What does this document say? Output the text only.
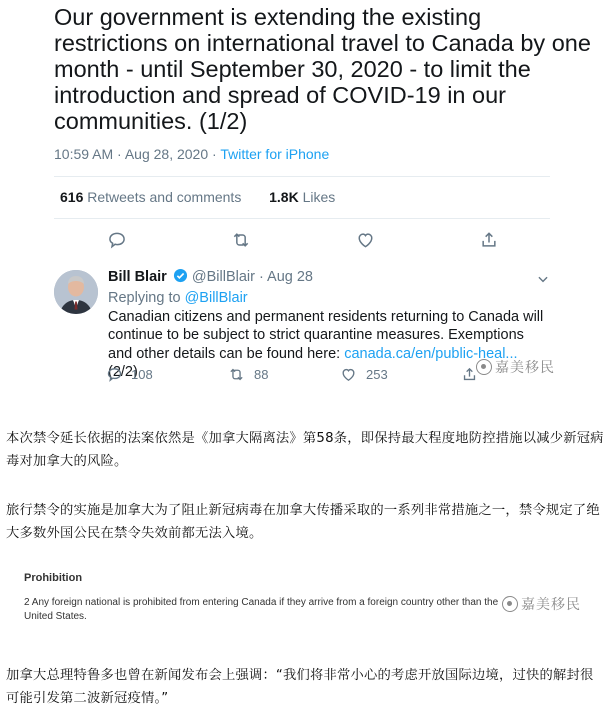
Our government is extending the existing restrictions on international travel to Canada by one month - until September 30, 2020 - to limit the introduction and spread of COVID-19 in our communities. (1/2)
10:59 AM · Aug 28, 2020 · Twitter for iPhone
616 Retweets and comments 1.8K Likes
Bill Blair  @BillBlair · Aug 28
Replying to @BillBlair
Canadian citizens and permanent residents returning to Canada will continue to be subject to strict quarantine measures. Exemptions and other details can be found here: canada.ca/en/public-heal... (2/2)
108	88	253	嘉美移民
本次禁令延长依据的法案依然是《加拿大隔离法》第58条，即保持最大程度地防控措施以减少新冠病毒对加拿大的风险。
旅行禁令的实施是加拿大为了阻止新冠病毒在加拿大传播采取的一系列非常措施之一，禁令规定了绝大多数外国公民在禁令失效前都无法入境。
Prohibition
2 Any foreign national is prohibited from entering Canada if they arrive from a foreign country other than the United States.
嘉美移民
加拿大总理特鲁多也曾在新闻发布会上强调：“我们将非常小心的考虑开放国际边境，过快的解封很可能引发第二波新冠疫情。”
